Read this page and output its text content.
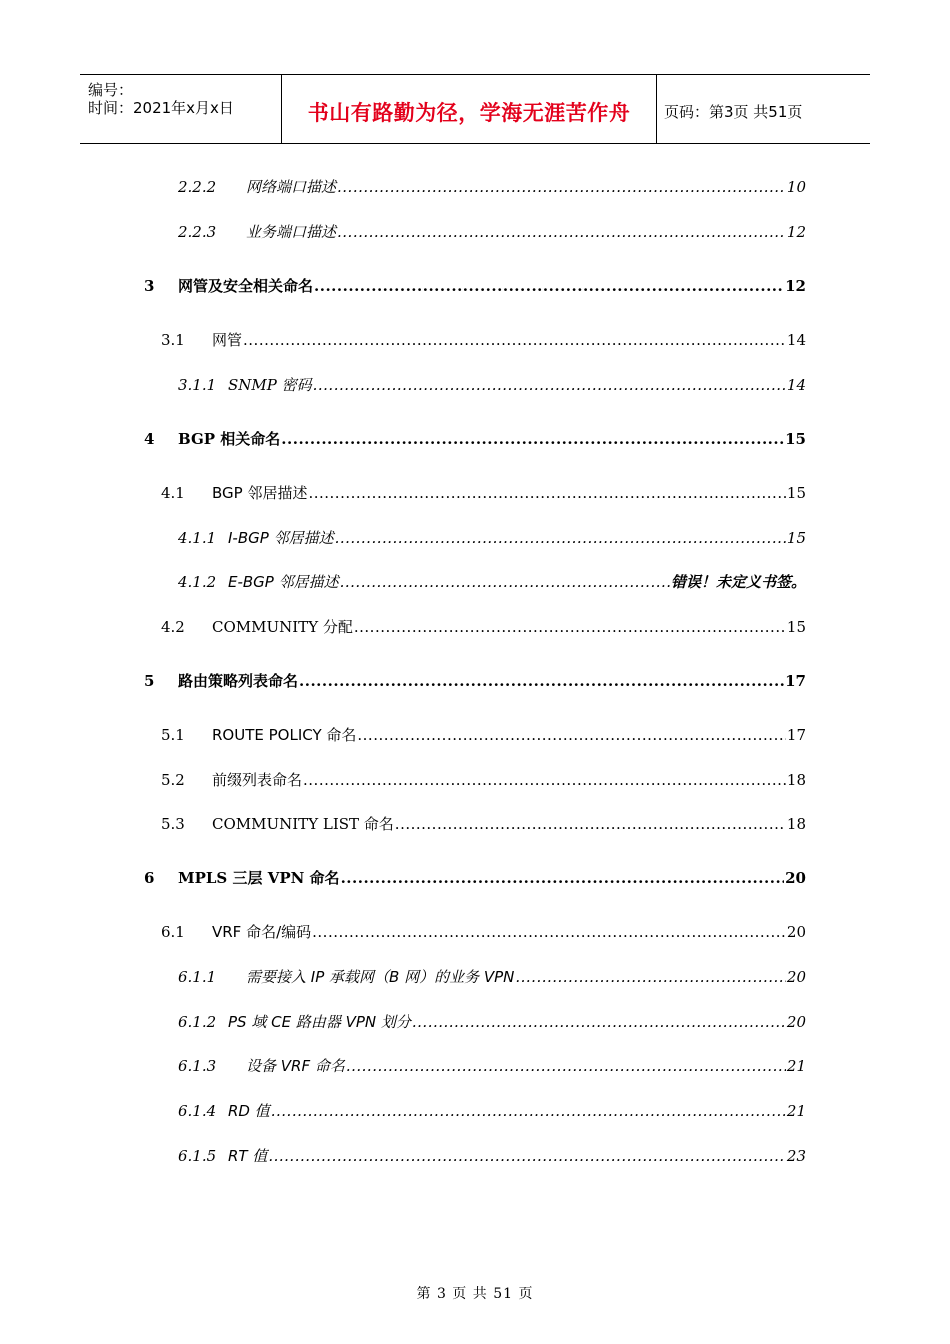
编号：
时间：2021年x月x日	书山有路勤为径，学海无涯苦作舟	页码：第3页 共51页
2.2.2	网络端口描述 .....	10
2.2.3	业务端口描述 .....	12
3	网管及安全相关命名 .....	12
3.1	网管 .....	14
3.1.1 SNMP 密码 .....	14
4	BGP 相关命名 .....	15
4.1	BGP 邻居描述 .....	15
4.1.1 I-BGP 邻居描述 .....	15
4.1.2 E-BGP 邻居描述 .....	错误！未定义书签。
4.2	COMMUNITY 分配 .....	15
5	路由策略列表命名 .....	17
5.1	ROUTE POLICY 命名 .....	17
5.2	前缀列表命名 .....	18
5.3	COMMUNITY LIST 命名 .....	18
6	MPLS 三层 VPN 命名 .....	20
6.1	VRF 命名/编码 .....	20
6.1.1	需要接入 IP 承载网（B 网）的业务 VPN .....	20
6.1.2 PS 域 CE 路由器 VPN 划分 .....	20
6.1.3	设备 VRF 命名 .....	21
6.1.4 RD 值 .....	21
6.1.5 RT 值 .....	23
第 3 页 共 51 页
